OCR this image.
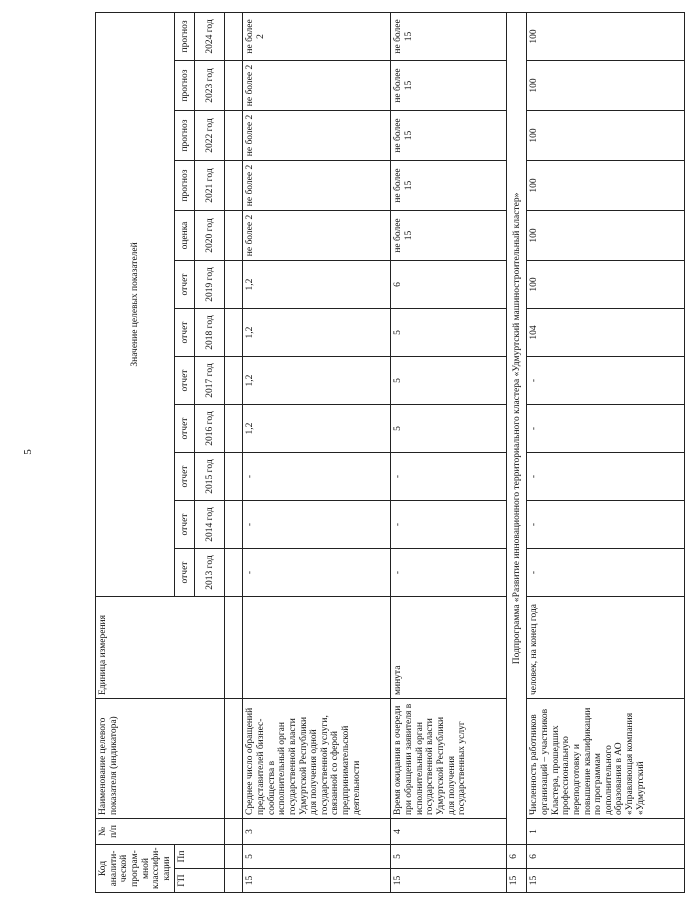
5
Код аналити-ческой програм-мной классифи-кации		№ п/п	Наименование целевого показателя (индикатора)	Единица измерения	Значение целевых показателей											
ГП	Пп				отчет	отчет	отчет	отчет	отчет	отчет	отчет	оценка	прогноз	прогноз	прогноз	прогноз
					2013 год	2014 год	2015 год	2016 год	2017 год	2018 год	2019 год	2020 год	2021 год	2022 год	2023 год	2024 год

15	5	3	Среднее число обращений представителей бизнес-сообщества в исполнительный орган государственной власти Удмуртской Республики для получения одной государственной услуги, связанной со сферой предпринимательской деятельности		-	-	-	1,2	1,2	1,2	1,2	не более 2	не более 2	не более 2	не более 2	не более 2
15	5	4	Время ожидания в очереди при обращении заявителя в исполнительный орган государственной власти Удмуртской Республики для получения государственных услуг	минута	-	-	-	5	5	5	6	не более 15	не более 15	не более 15	не более 15	не более 15
15	6	Подпрограмма «Развитие инновационного территориального кластера «Удмуртский машиностроительный кластер»														
15	6	1	Численность работников организаций – участников Кластера, прошедших профессиональную переподготовку и повышение квалификации по программам дополнительного образования в АО «Управляющая компания «Удмуртский	человек, на конец года	-	-	-	-	-	104	100	100	100	100	100	100
